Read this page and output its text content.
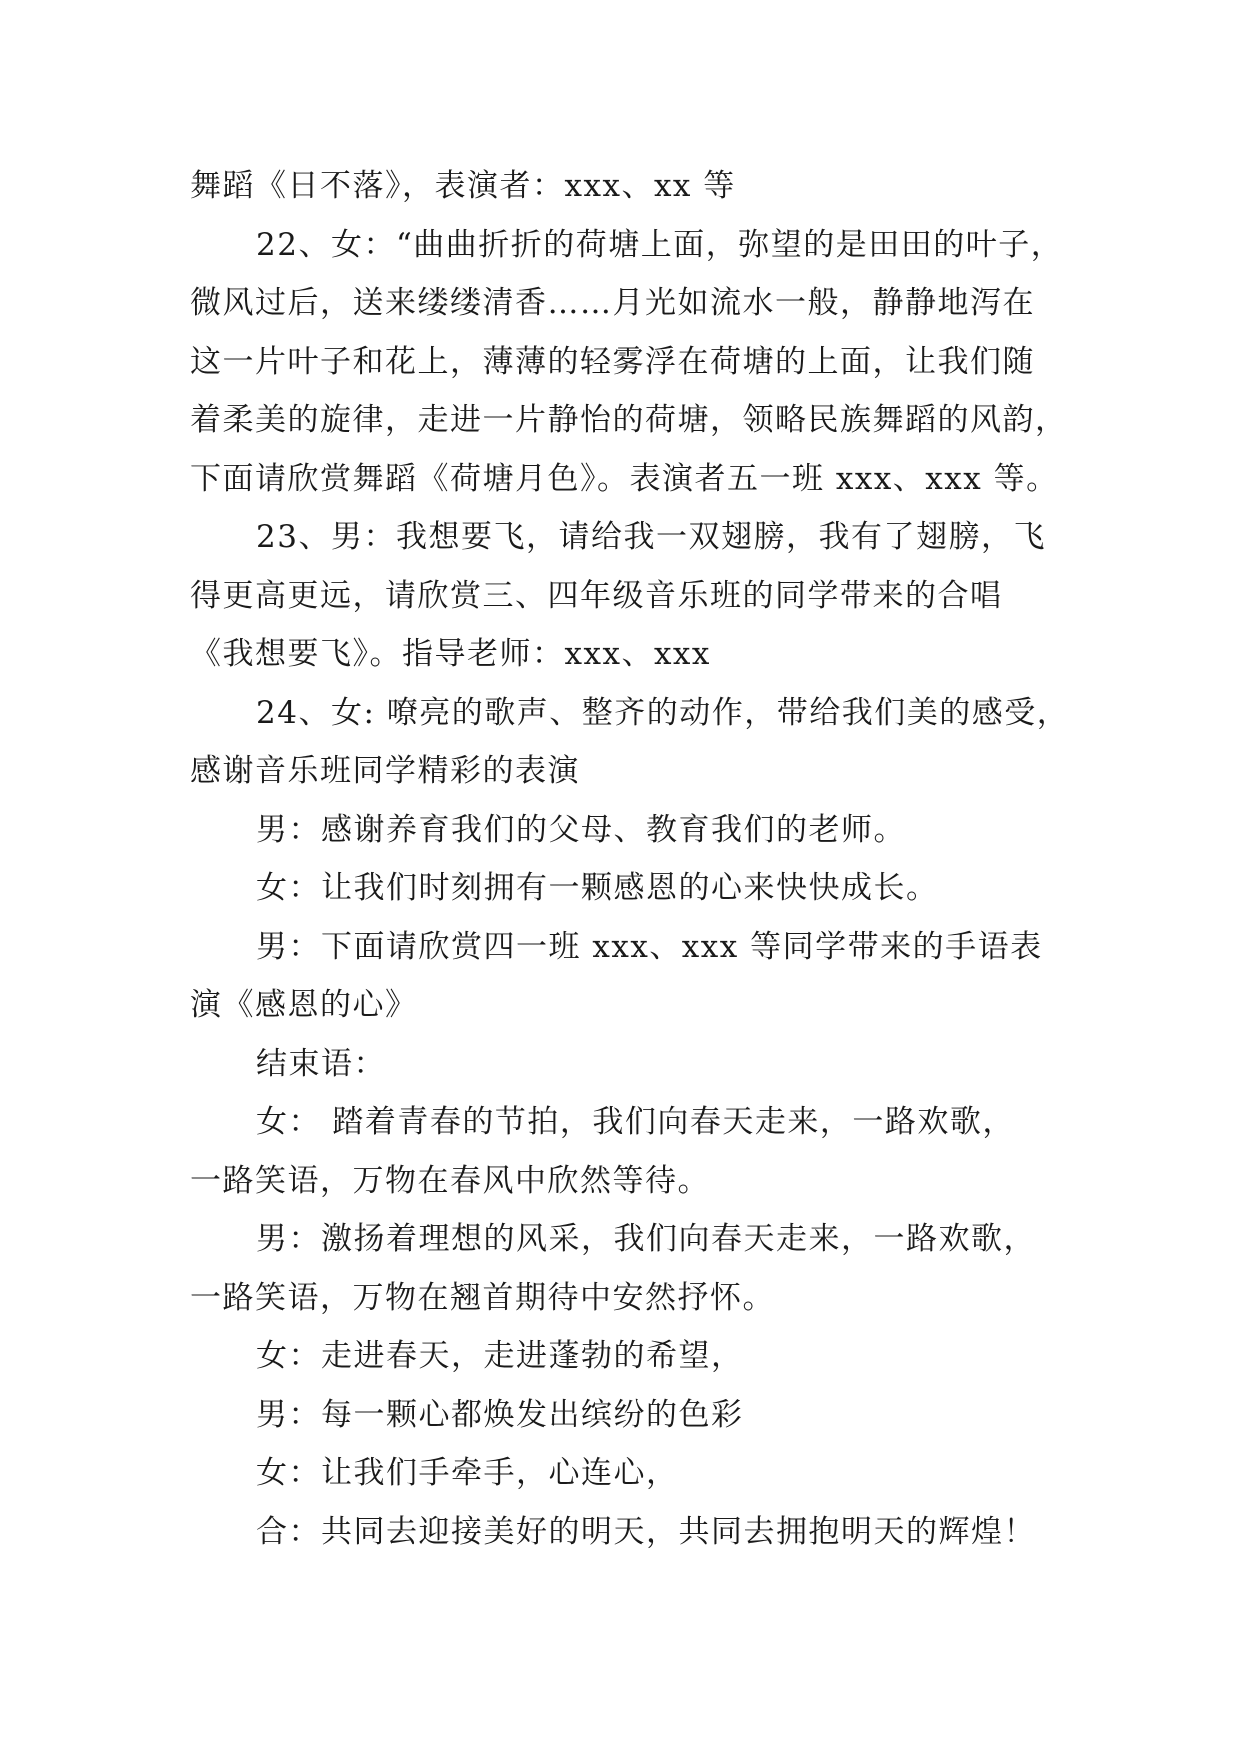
舞蹈《日不落》，表演者：xxx、xx 等
22、女：“曲曲折折的荷塘上面，弥望的是田田的叶子，
微风过后，送来缕缕清香……月光如流水一般，静静地泻在
这一片叶子和花上，薄薄的轻雾浮在荷塘的上面，让我们随
着柔美的旋律，走进一片静怡的荷塘，领略民族舞蹈的风韵，
下面请欣赏舞蹈《荷塘月色》。表演者五一班 xxx、xxx 等。
23、男：我想要飞，请给我一双翅膀，我有了翅膀，飞
得更高更远，请欣赏三、四年级音乐班的同学带来的合唱
《我想要飞》。指导老师：xxx、xxx
24、女: 嘹亮的歌声、整齐的动作，带给我们美的感受，
感谢音乐班同学精彩的表演
男：感谢养育我们的父母、教育我们的老师。
女：让我们时刻拥有一颗感恩的心来快快成长。
男：下面请欣赏四一班 xxx、xxx 等同学带来的手语表
演《感恩的心》
结束语：
女： 踏着青春的节拍，我们向春天走来，一路欢歌，
一路笑语，万物在春风中欣然等待。
男：激扬着理想的风采，我们向春天走来，一路欢歌，
一路笑语，万物在翘首期待中安然抒怀。
女：走进春天，走进蓬勃的希望，
男：每一颗心都焕发出缤纷的色彩
女：让我们手牵手，心连心，
合：共同去迎接美好的明天，共同去拥抱明天的辉煌！
